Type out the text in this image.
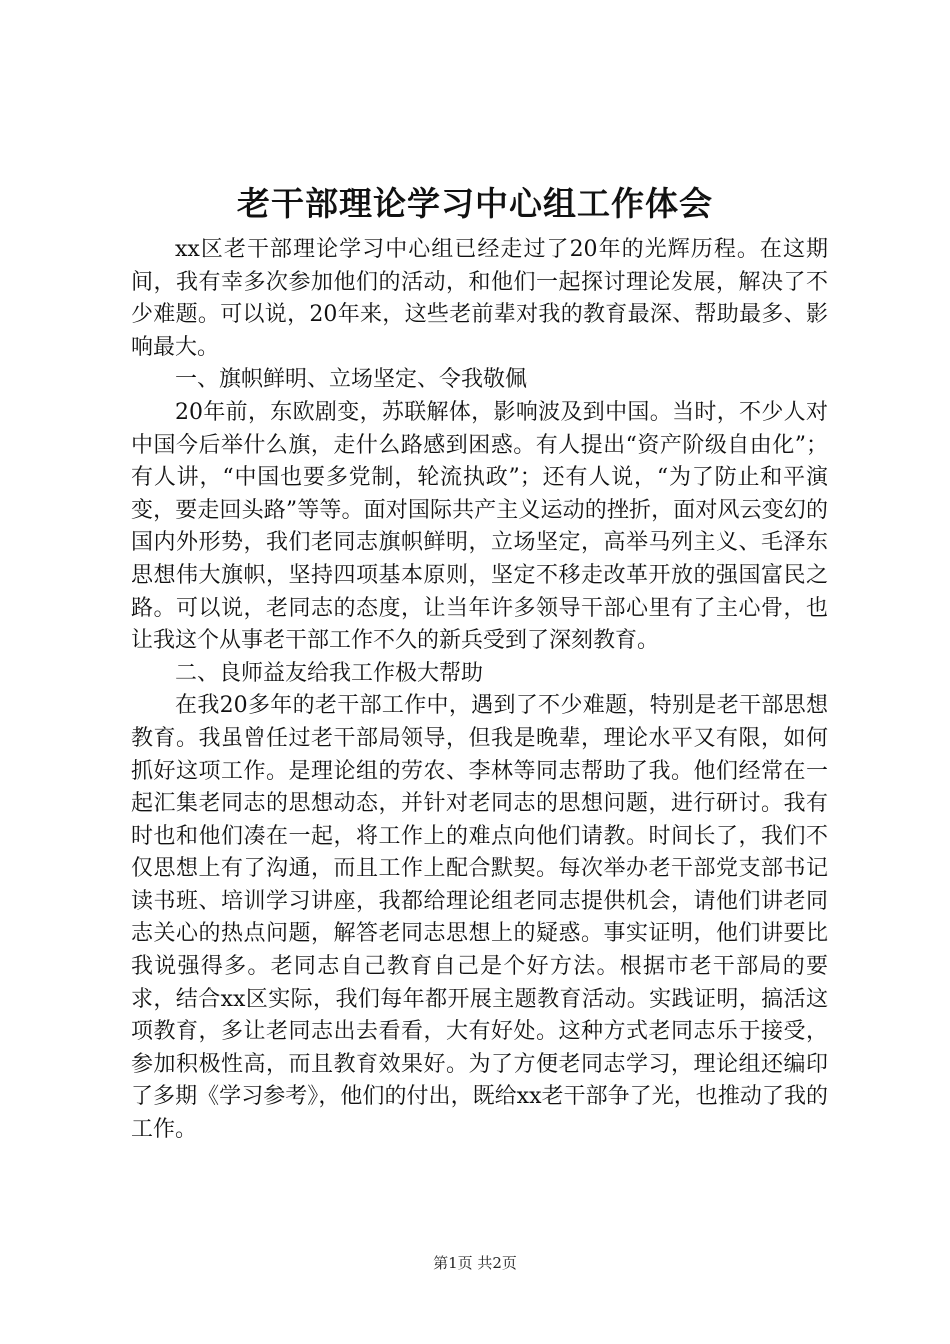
老干部理论学习中心组工作体会

xx区老干部理论学习中心组已经走过了20年的光辉历程。在这期间，我有幸多次参加他们的活动，和他们一起探讨理论发展，解决了不少难题。可以说，20年来，这些老前辈对我的教育最深、帮助最多、影响最大。

一、旗帜鲜明、立场坚定、令我敬佩

20年前，东欧剧变，苏联解体，影响波及到中国。当时，不少人对中国今后举什么旗，走什么路感到困惑。有人提出“资产阶级自由化”；有人讲，“中国也要多党制，轮流执政”；还有人说，“为了防止和平演变，要走回头路”等等。面对国际共产主义运动的挫折，面对风云变幻的国内外形势，我们老同志旗帜鲜明，立场坚定，高举马列主义、毛泽东思想伟大旗帜，坚持四项基本原则，坚定不移走改革开放的强国富民之路。可以说，老同志的态度，让当年许多领导干部心里有了主心骨，也让我这个从事老干部工作不久的新兵受到了深刻教育。

二、良师益友给我工作极大帮助

在我20多年的老干部工作中，遇到了不少难题，特别是老干部思想教育。我虽曾任过老干部局领导，但我是晚辈，理论水平又有限，如何抓好这项工作。是理论组的劳农、李林等同志帮助了我。他们经常在一起汇集老同志的思想动态，并针对老同志的思想问题，进行研讨。我有时也和他们凑在一起，将工作上的难点向他们请教。时间长了，我们不仅思想上有了沟通，而且工作上配合默契。每次举办老干部党支部书记读书班、培训学习讲座，我都给理论组老同志提供机会，请他们讲老同志关心的热点问题，解答老同志思想上的疑惑。事实证明，他们讲要比我说强得多。老同志自己教育自己是个好方法。根据市老干部局的要求，结合xx区实际，我们每年都开展主题教育活动。实践证明，搞活这项教育，多让老同志出去看看，大有好处。这种方式老同志乐于接受，参加积极性高，而且教育效果好。为了方便老同志学习，理论组还编印了多期《学习参考》，他们的付出，既给xx老干部争了光，也推动了我的工作。

第1页 共2页
